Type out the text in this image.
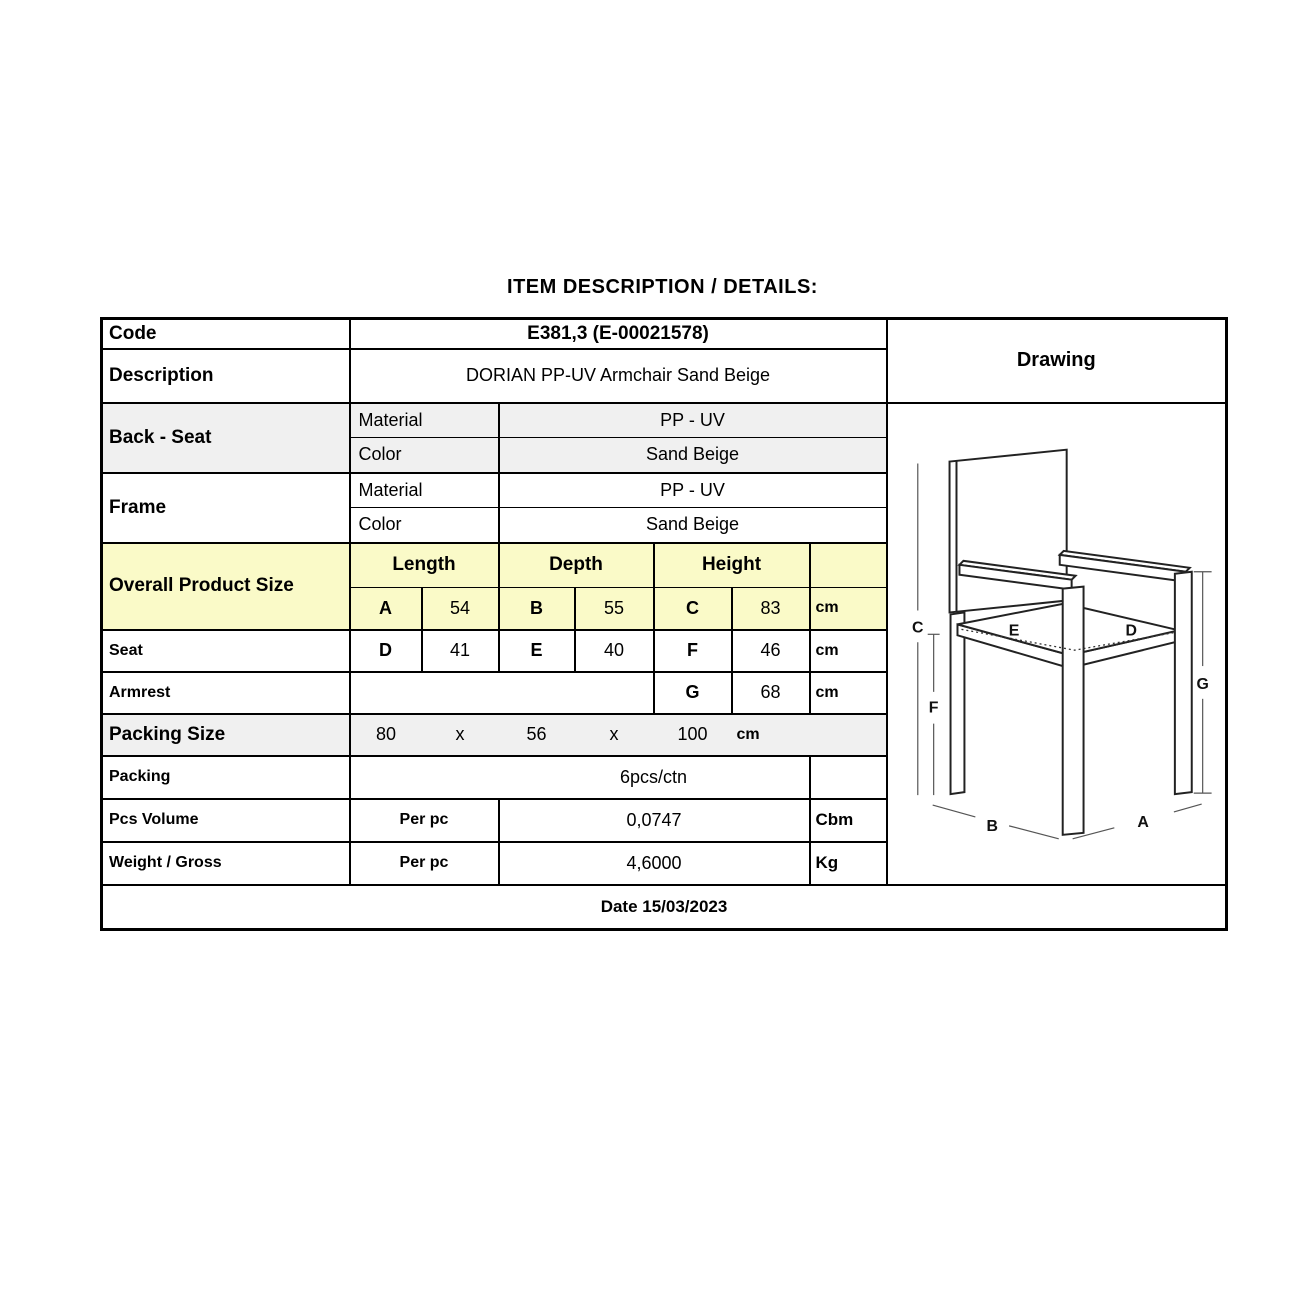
ITEM DESCRIPTION / DETAILS:
Code	E381,3 (E-00021578)							Drawing
Description	DORIAN PP-UV Armchair Sand Beige							
Back - Seat	Material	PP - UV	
C
F
E	D
G
B	A

	Color		Sand Beige					
Frame	Material		PP - UV					
	Color		Sand Beige					
Overall Product Size	Length		Depth		Height			
	A	54	B	55	C	83	cm	
Seat	D	41	E	40	F	46	cm	
Armrest					G	68	cm	
Packing Size	80	x	56	x	100	cm		
Packing			6pcs/ctn					
Pcs Volume	Per pc		0,0747				Cbm	
Weight / Gross	Per pc		4,6000				Kg	
Date 15/03/2023								
